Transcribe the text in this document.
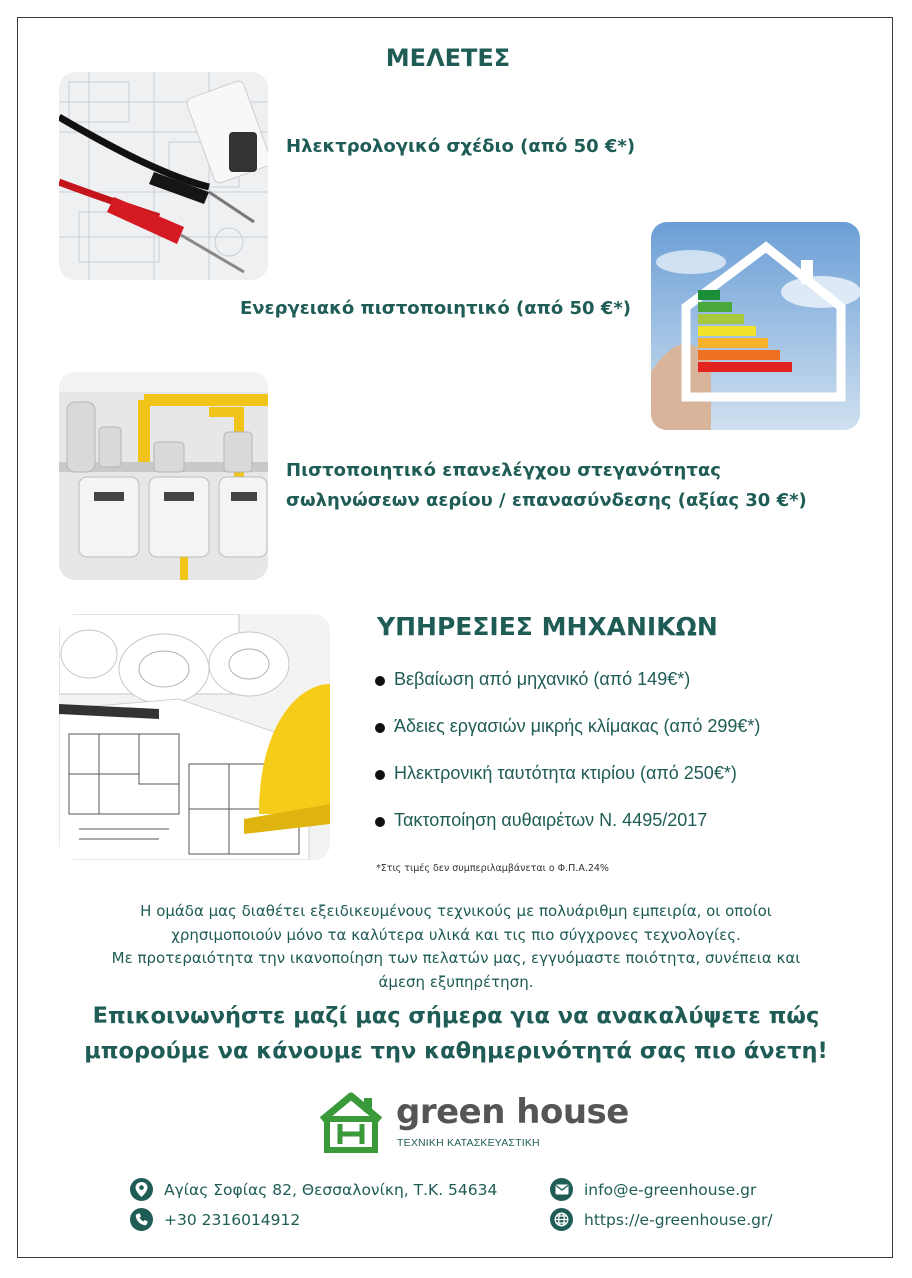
ΜΕΛΕΤΕΣ
Ηλεκτρολογικό σχέδιο (από 50 €*)
Ενεργειακό πιστοποιητικό (από 50 €*)
Πιστοποιητικό επανελέγχου στεγανότητας
σωληνώσεων αερίου / επανασύνδεσης (αξίας 30 €*)
ΥΠΗΡΕΣΙΕΣ ΜΗΧΑΝΙΚΩΝ
Βεβαίωση από μηχανικό (από 149€*)
Άδειες εργασιών μικρής κλίμακας (από 299€*)
Ηλεκτρονική ταυτότητα κτιρίου (από 250€*)
Τακτοποίηση αυθαιρέτων Ν. 4495/2017
*Στις τιμές δεν συμπεριλαμβάνεται ο Φ.Π.Α.24%
Η ομάδα μας διαθέτει εξειδικευμένους τεχνικούς με πολυάριθμη εμπειρία, οι οποίοι
χρησιμοποιούν μόνο τα καλύτερα υλικά και τις πιο σύγχρονες τεχνολογίες.
Με προτεραιότητα την ικανοποίηση των πελατών μας, εγγυόμαστε ποιότητα, συνέπεια και
άμεση εξυπηρέτηση.
Επικοινωνήστε μαζί μας σήμερα για να ανακαλύψετε πώς
μπορούμε να κάνουμε την καθημερινότητά σας πιο άνετη!
green house
ΤΕΧΝΙΚΗ ΚΑΤΑΣΚΕΥΑΣΤΙΚΗ
Αγίας Σοφίας 82, Θεσσαλονίκη, Τ.Κ. 54634
+30 2316014912
info@e-greenhouse.gr
https://e-greenhouse.gr/
